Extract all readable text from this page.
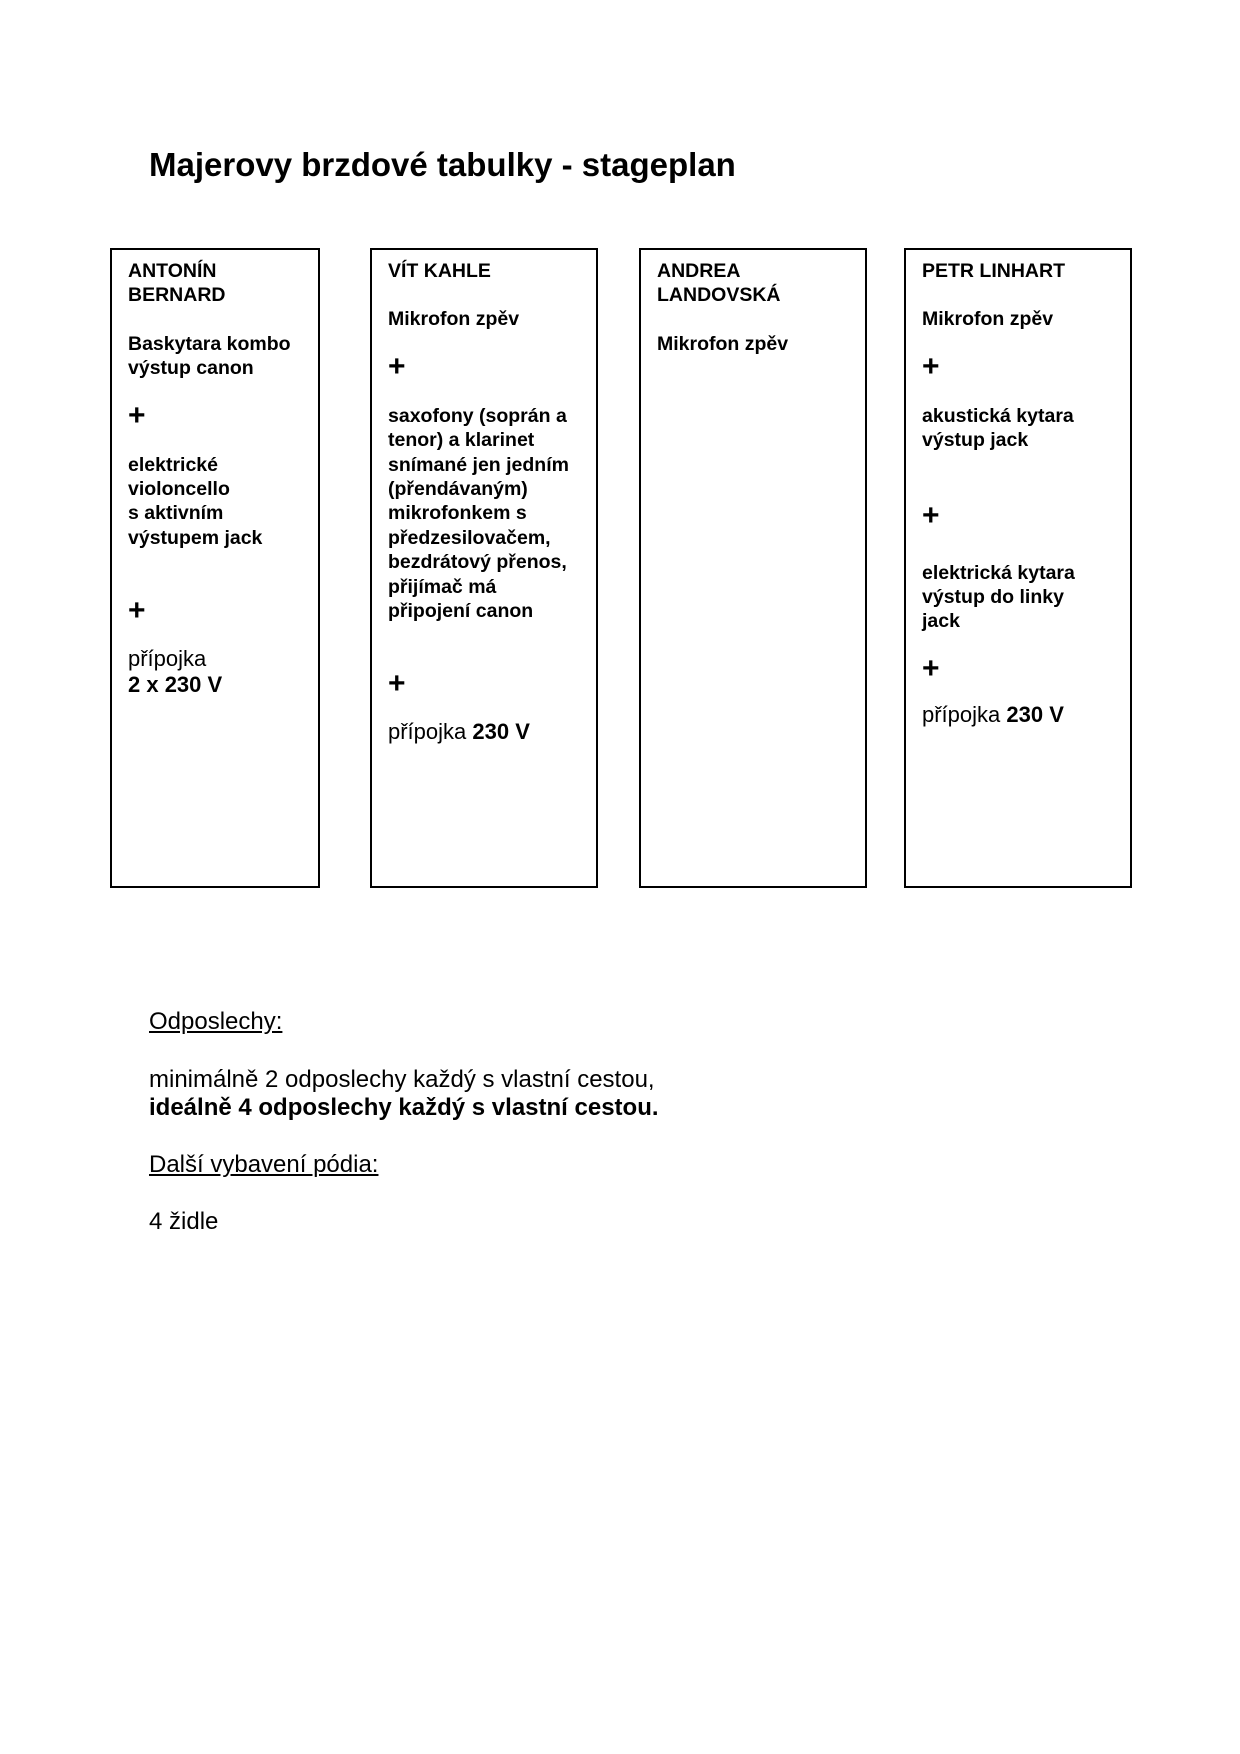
Majerovy brzdové tabulky - stageplan

ANTONÍN
BERNARD

Baskytara kombo
výstup canon

+

elektrické
violoncello
s aktivním
výstupem jack

+

přípojka
2 x 230 V

VÍT KAHLE

Mikrofon zpěv

+

saxofony (soprán a
tenor) a klarinet
snímané jen jedním
(přendávaným)
mikrofonkem s
předzesilovačem,
bezdrátový přenos,
přijímač má
připojení canon

+

přípojka 230 V

ANDREA
LANDOVSKÁ

Mikrofon zpěv

PETR LINHART

Mikrofon zpěv

+

akustická kytara
výstup jack

+

elektrická kytara
výstup do linky
jack

+

přípojka 230 V

Odposlechy:
minimálně 2 odposlechy každý s vlastní cestou,
ideálně 4 odposlechy každý s vlastní cestou.
Další vybavení pódia:
4 židle
